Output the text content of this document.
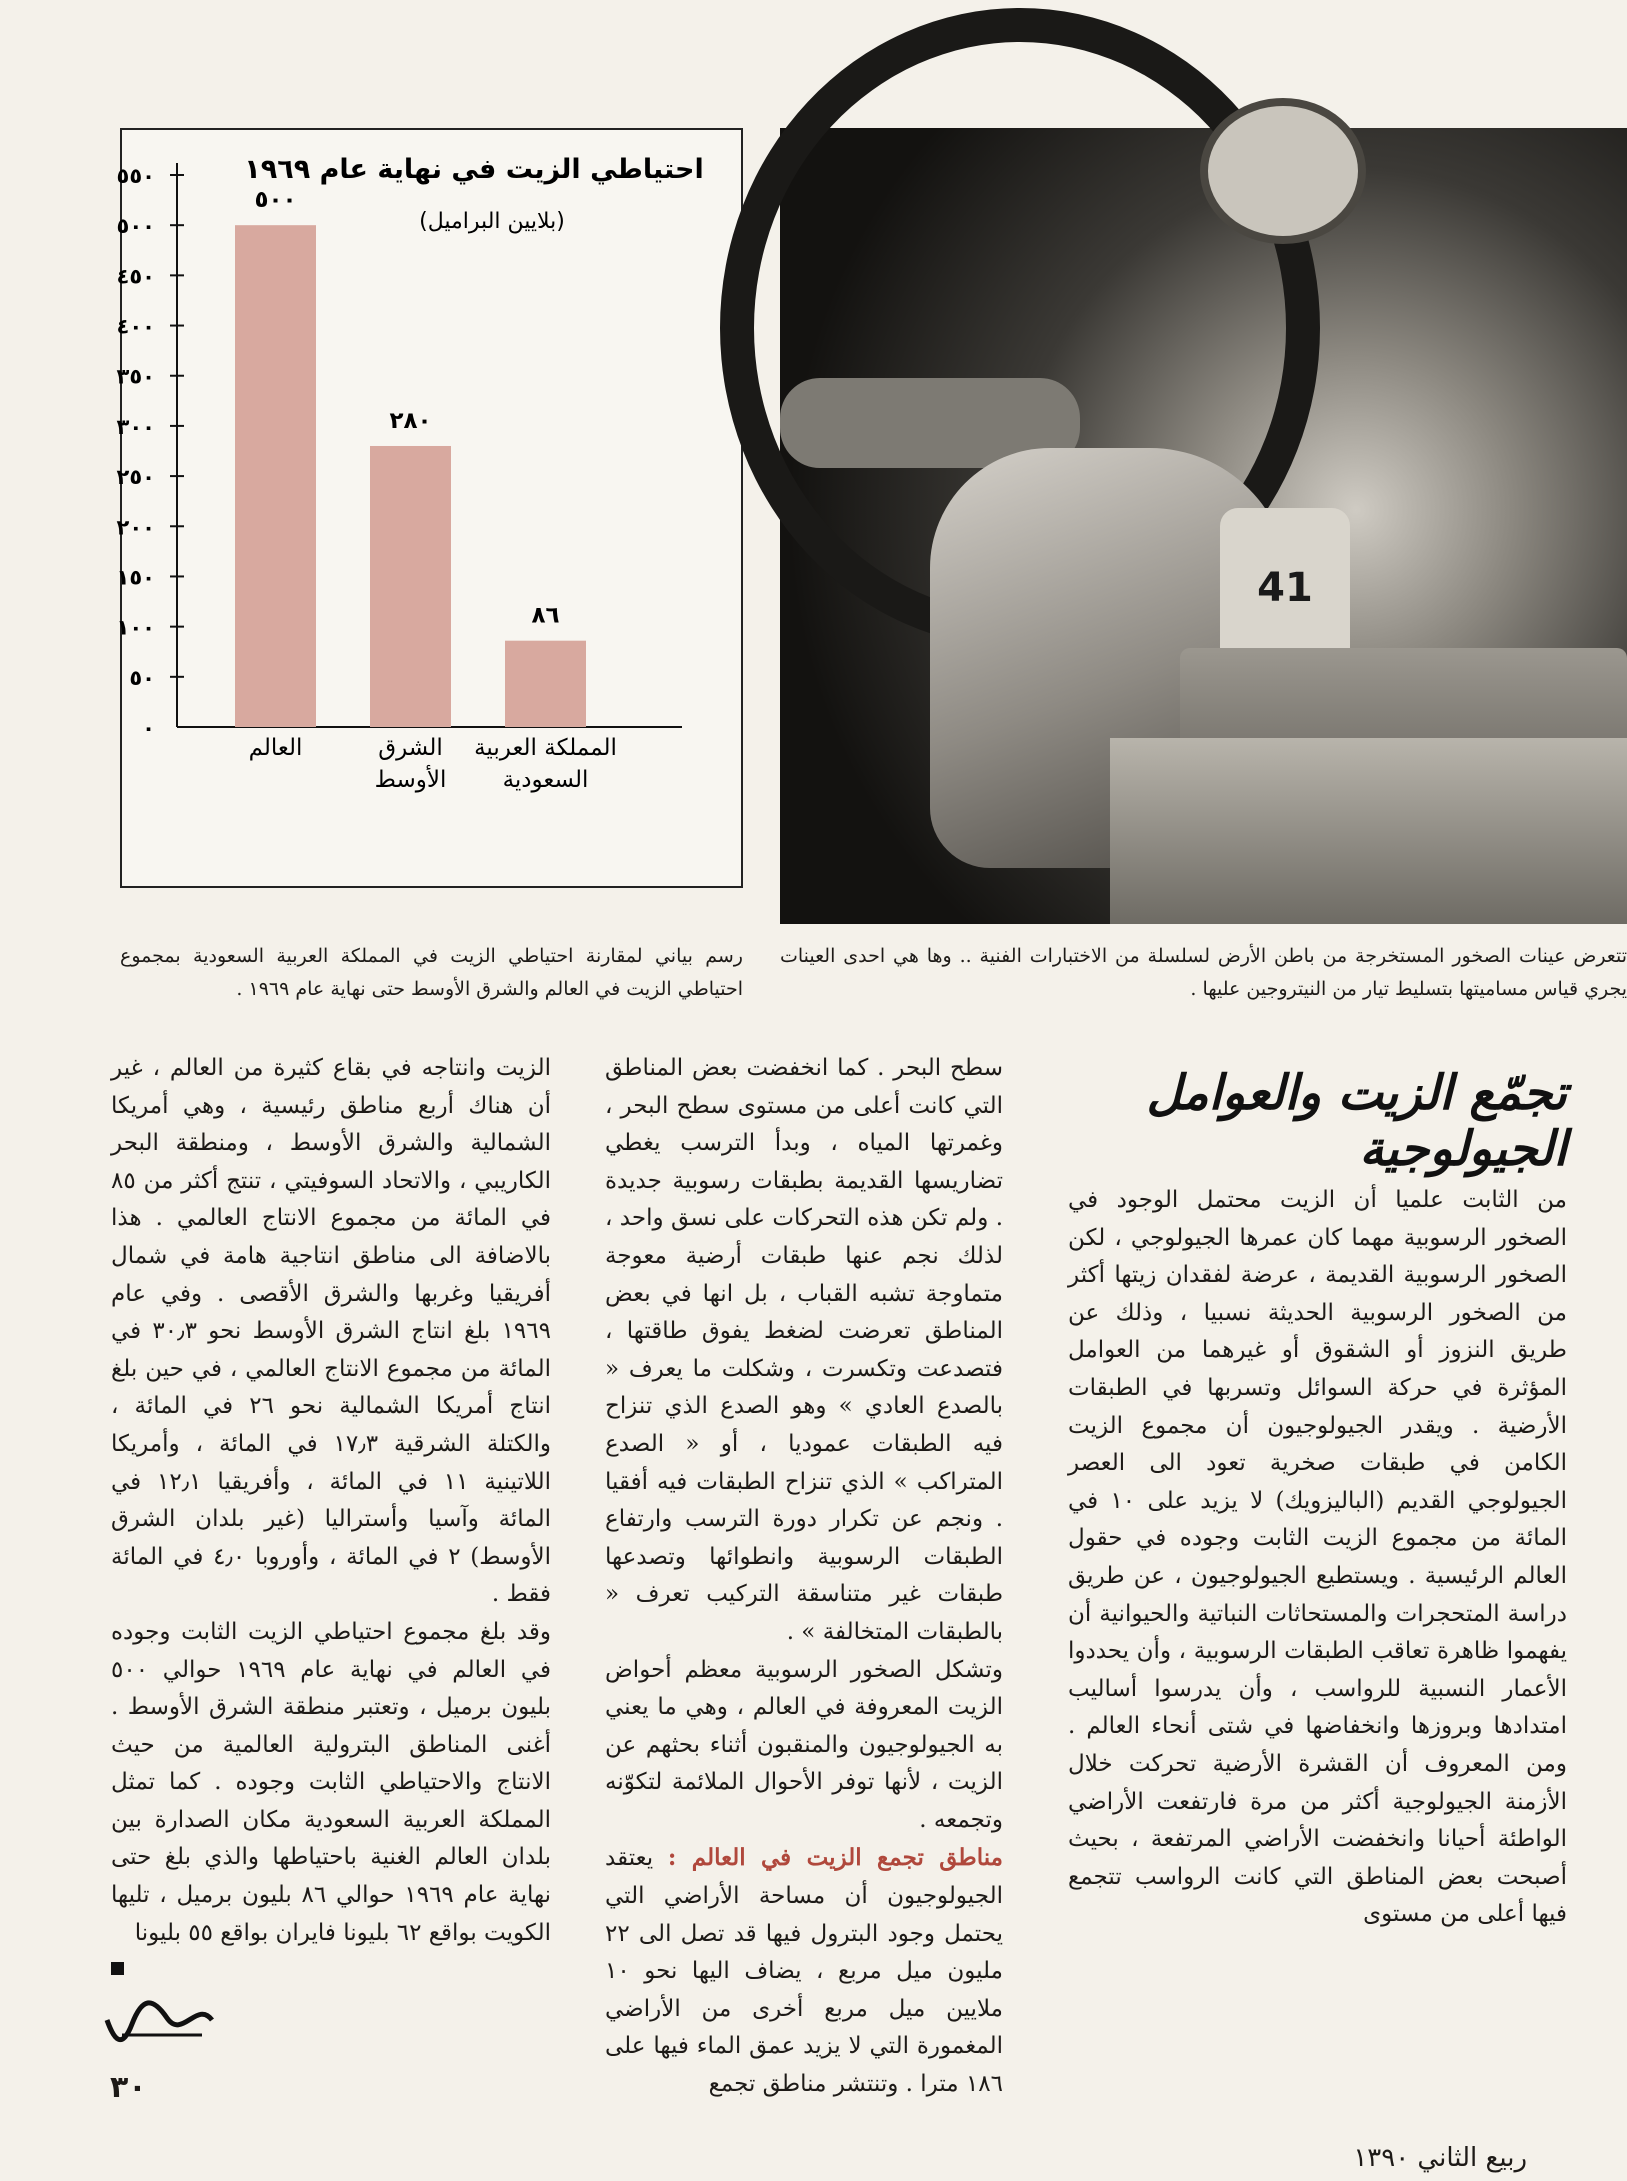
احتياطي الزيت في نهاية عام ١٩٦٩
(بلايين البراميل)
٠
٥٠
١٠٠
١٥٠
٢٠٠
٢٥٠
٣٠٠
٣٥٠
٤٠٠
٤٥٠
٥٠٠
٥٥٠
٥٠٠
العالم
٢٨٠
الشرق
الأوسط
٨٦
المملكة العربية
السعودية
41
رسم بياني لمقارنة احتياطي الزيت في المملكة العربية السعودية بمجموع احتياطي الزيت في العالم والشرق الأوسط حتى نهاية عام ١٩٦٩ .
تتعرض عينات الصخور المستخرجة من باطن الأرض لسلسلة من الاختبارات الفنية .. وها هي احدى العينات يجري قياس مساميتها بتسليط تيار من النيتروجين عليها .
تجمّع الزيت والعوامل الجيولوجية

من الثابت علميا أن الزيت محتمل الوجود في الصخور الرسوبية مهما كان عمرها الجيولوجي ، لكن الصخور الرسوبية القديمة ، عرضة لفقدان زيتها أكثر من الصخور الرسوبية الحديثة نسبيا ، وذلك عن طريق النزوز أو الشقوق أو غيرهما من العوامل المؤثرة في حركة السوائل وتسربها في الطبقات الأرضية . ويقدر الجيولوجيون أن مجموع الزيت الكامن في طبقات صخرية تعود الى العصر الجيولوجي القديم (الباليزويك) لا يزيد على ١٠ في المائة من مجموع الزيت الثابت وجوده في حقول العالم الرئيسية . ويستطيع الجيولوجيون ، عن طريق دراسة المتحجرات والمستحاثات النباتية والحيوانية أن يفهموا ظاهرة تعاقب الطبقات الرسوبية ، وأن يحددوا الأعمار النسبية للرواسب ، وأن يدرسوا أساليب امتدادها وبروزها وانخفاضها في شتى أنحاء العالم . ومن المعروف أن القشرة الأرضية تحركت خلال الأزمنة الجيولوجية أكثر من مرة فارتفعت الأراضي الواطئة أحيانا وانخفضت الأراضي المرتفعة ، بحيث أصبحت بعض المناطق التي كانت الرواسب تتجمع فيها أعلى من مستوى

سطح البحر . كما انخفضت بعض المناطق التي كانت أعلى من مستوى سطح البحر ، وغمرتها المياه ، وبدأ الترسب يغطي تضاريسها القديمة بطبقات رسوبية جديدة . ولم تكن هذه التحركات على نسق واحد ، لذلك نجم عنها طبقات أرضية معوجة متماوجة تشبه القباب ، بل انها في بعض المناطق تعرضت لضغط يفوق طاقتها ، فتصدعت وتكسرت ، وشكلت ما يعرف « بالصدع العادي » وهو الصدع الذي تنزاح فيه الطبقات عموديا ، أو « الصدع المتراكب » الذي تنزاح الطبقات فيه أفقيا . ونجم عن تكرار دورة الترسب وارتفاع الطبقات الرسوبية وانطوائها وتصدعها طبقات غير متناسقة التركيب تعرف « بالطبقات المتخالفة » .

وتشكل الصخور الرسوبية معظم أحواض الزيت المعروفة في العالم ، وهي ما يعني به الجيولوجيون والمنقبون أثناء بحثهم عن الزيت ، لأنها توفر الأحوال الملائمة لتكوّنه وتجمعه .

مناطق تجمع الزيت في العالم : يعتقد الجيولوجيون أن مساحة الأراضي التي يحتمل وجود البترول فيها قد تصل الى ٢٢ مليون ميل مربع ، يضاف اليها نحو ١٠ ملايين ميل مربع أخرى من الأراضي المغمورة التي لا يزيد عمق الماء فيها على ١٨٦ مترا . وتنتشر مناطق تجمع

الزيت وانتاجه في بقاع كثيرة من العالم ، غير أن هناك أربع مناطق رئيسية ، وهي أمريكا الشمالية والشرق الأوسط ، ومنطقة البحر الكاريبي ، والاتحاد السوفيتي ، تنتج أكثر من ٨٥ في المائة من مجموع الانتاج العالمي . هذا بالاضافة الى مناطق انتاجية هامة في شمال أفريقيا وغربها والشرق الأقصى . وفي عام ١٩٦٩ بلغ انتاج الشرق الأوسط نحو ٣٠٫٣ في المائة من مجموع الانتاج العالمي ، في حين بلغ انتاج أمريكا الشمالية نحو ٢٦ في المائة ، والكتلة الشرقية ١٧٫٣ في المائة ، وأمريكا اللاتينية ١١ في المائة ، وأفريقيا ١٢٫١ في المائة وآسيا وأستراليا (غير بلدان الشرق الأوسط) ٢ في المائة ، وأوروبا ٤٫٠ في المائة فقط .

وقد بلغ مجموع احتياطي الزيت الثابت وجوده في العالم في نهاية عام ١٩٦٩ حوالي ٥٠٠ بليون برميل ، وتعتبر منطقة الشرق الأوسط . أغنى المناطق البترولية العالمية من حيث الانتاج والاحتياطي الثابت وجوده . كما تمثل المملكة العربية السعودية مكان الصدارة بين بلدان العالم الغنية باحتياطها والذي بلغ حتى نهاية عام ١٩٦٩ حوالي ٨٦ بليون برميل ، تليها الكويت بواقع ٦٢ بليونا فايران بواقع ٥٥ بليونا

٣٠
ربيع الثاني ١٣٩٠
